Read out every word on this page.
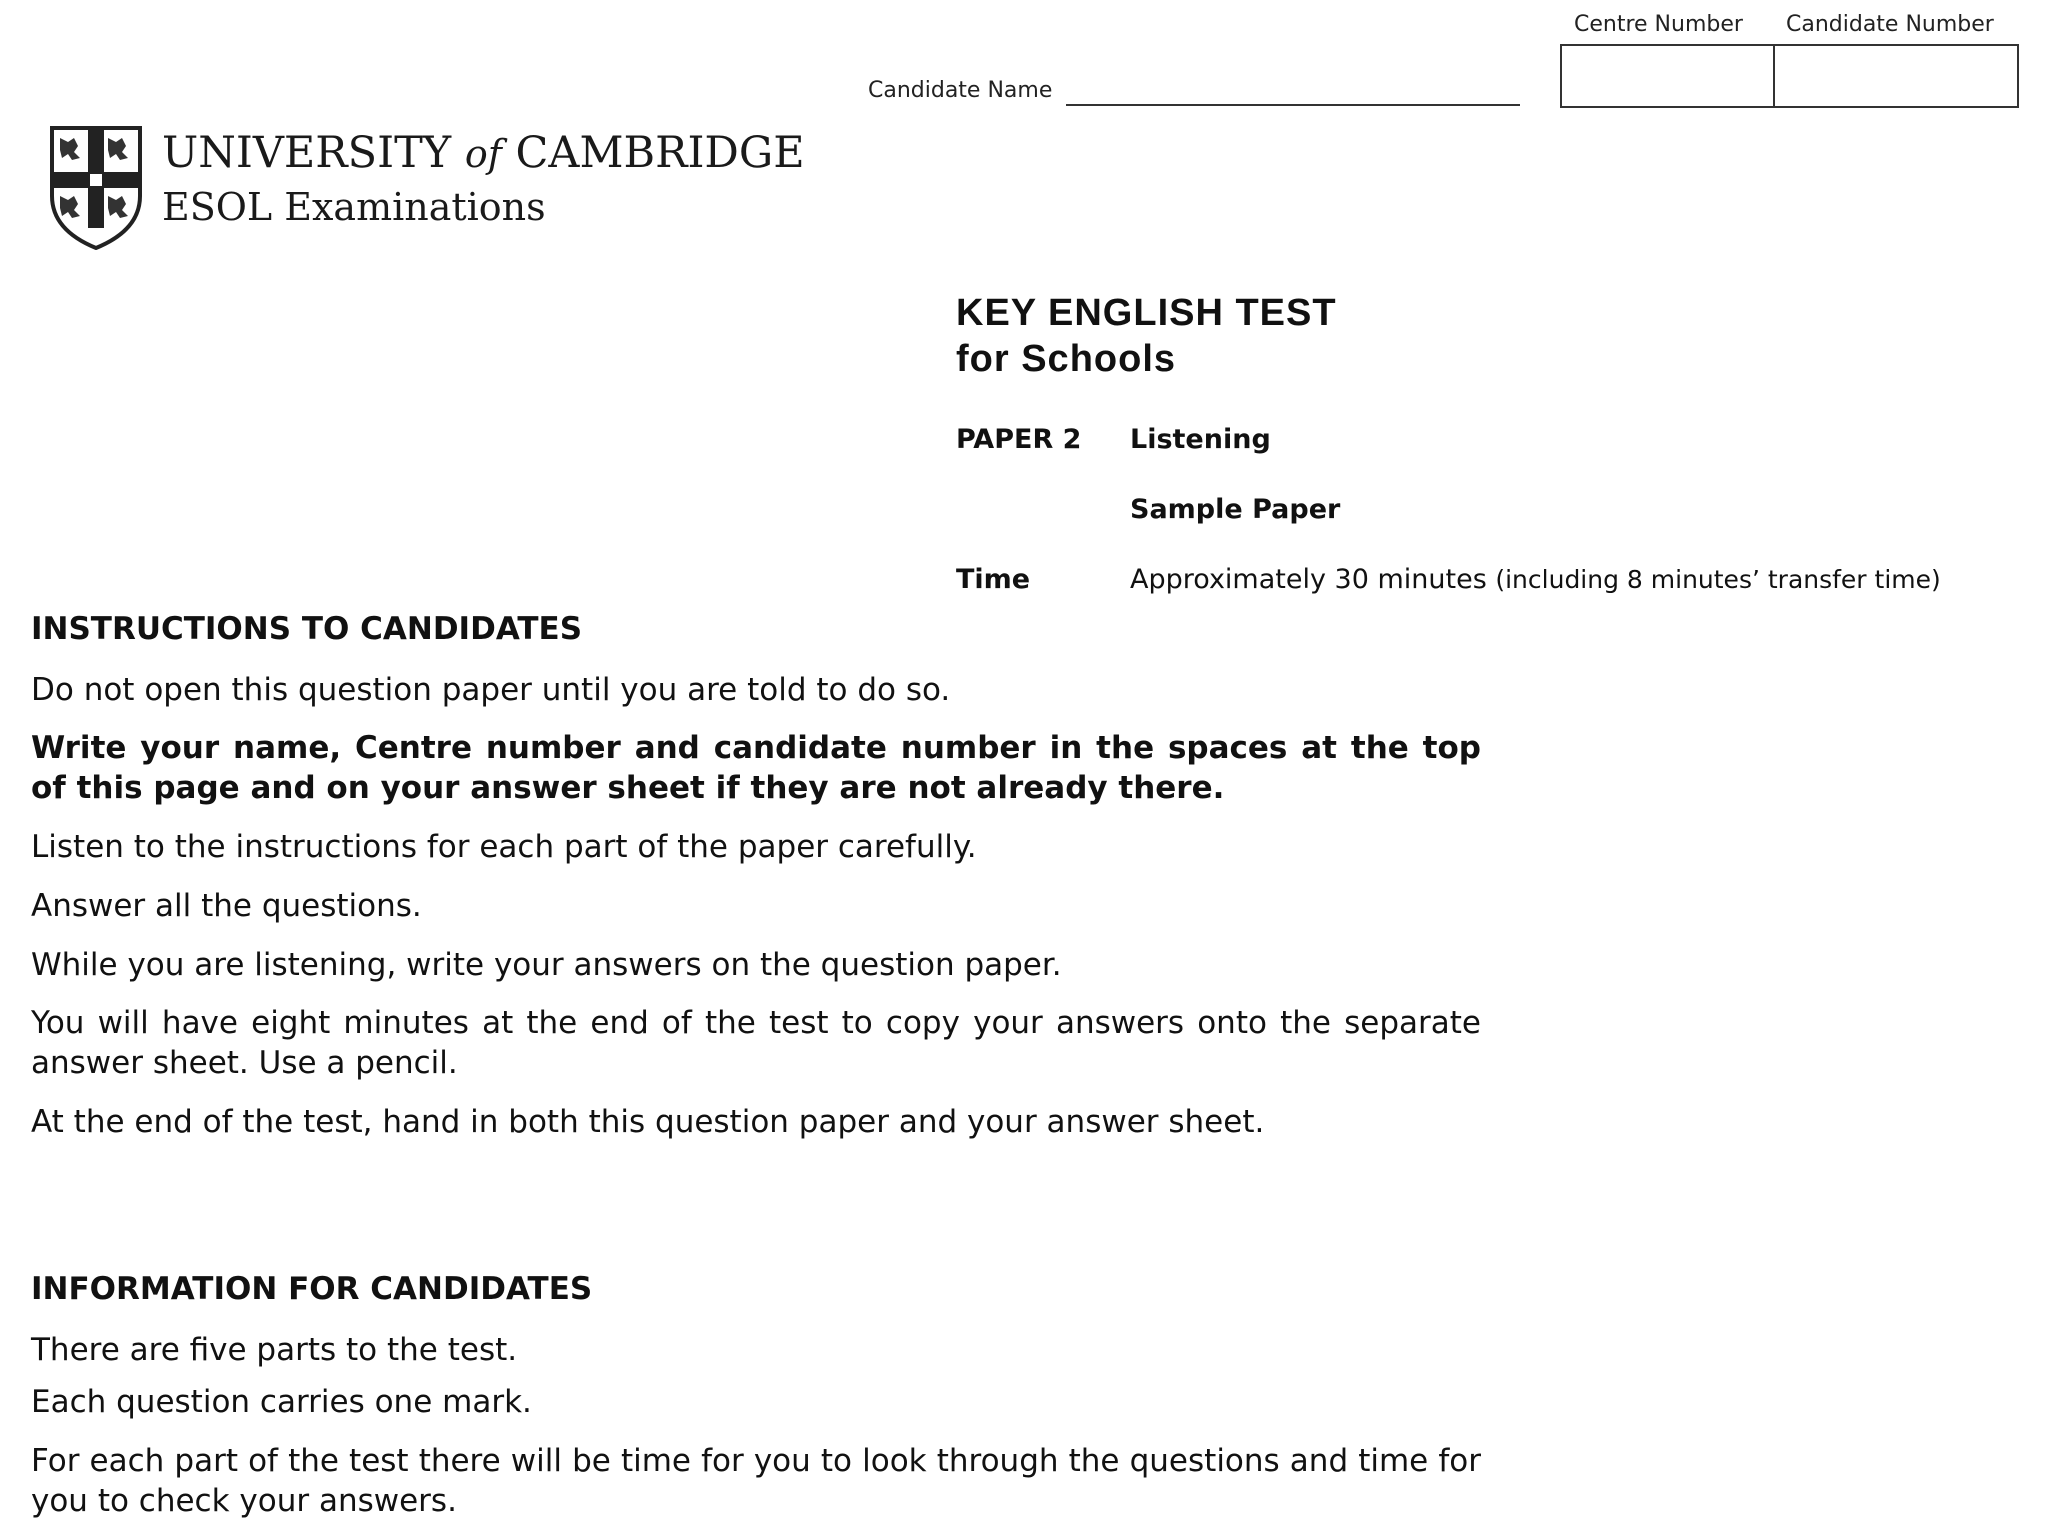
Candidate Name
Centre Number Candidate Number
UNIVERSITY of CAMBRIDGE
ESOL Examinations
KEY ENGLISH TEST
for Schools
PAPER 2 Listening
Sample Paper
Time	Approximately 30 minutes (including 8 minutes’ transfer time)
INSTRUCTIONS TO CANDIDATES
Do not open this question paper until you are told to do so.
Write your name, Centre number and candidate number in the spaces at the top of this page and on your answer sheet if they are not already there.
Listen to the instructions for each part of the paper carefully.
Answer all the questions.
While you are listening, write your answers on the question paper.
You will have eight minutes at the end of the test to copy your answers onto the separate answer sheet. Use a pencil.
At the end of the test, hand in both this question paper and your answer sheet.
INFORMATION FOR CANDIDATES
There are five parts to the test.
Each question carries one mark.
For each part of the test there will be time for you to look through the questions and time for you to check your answers.
